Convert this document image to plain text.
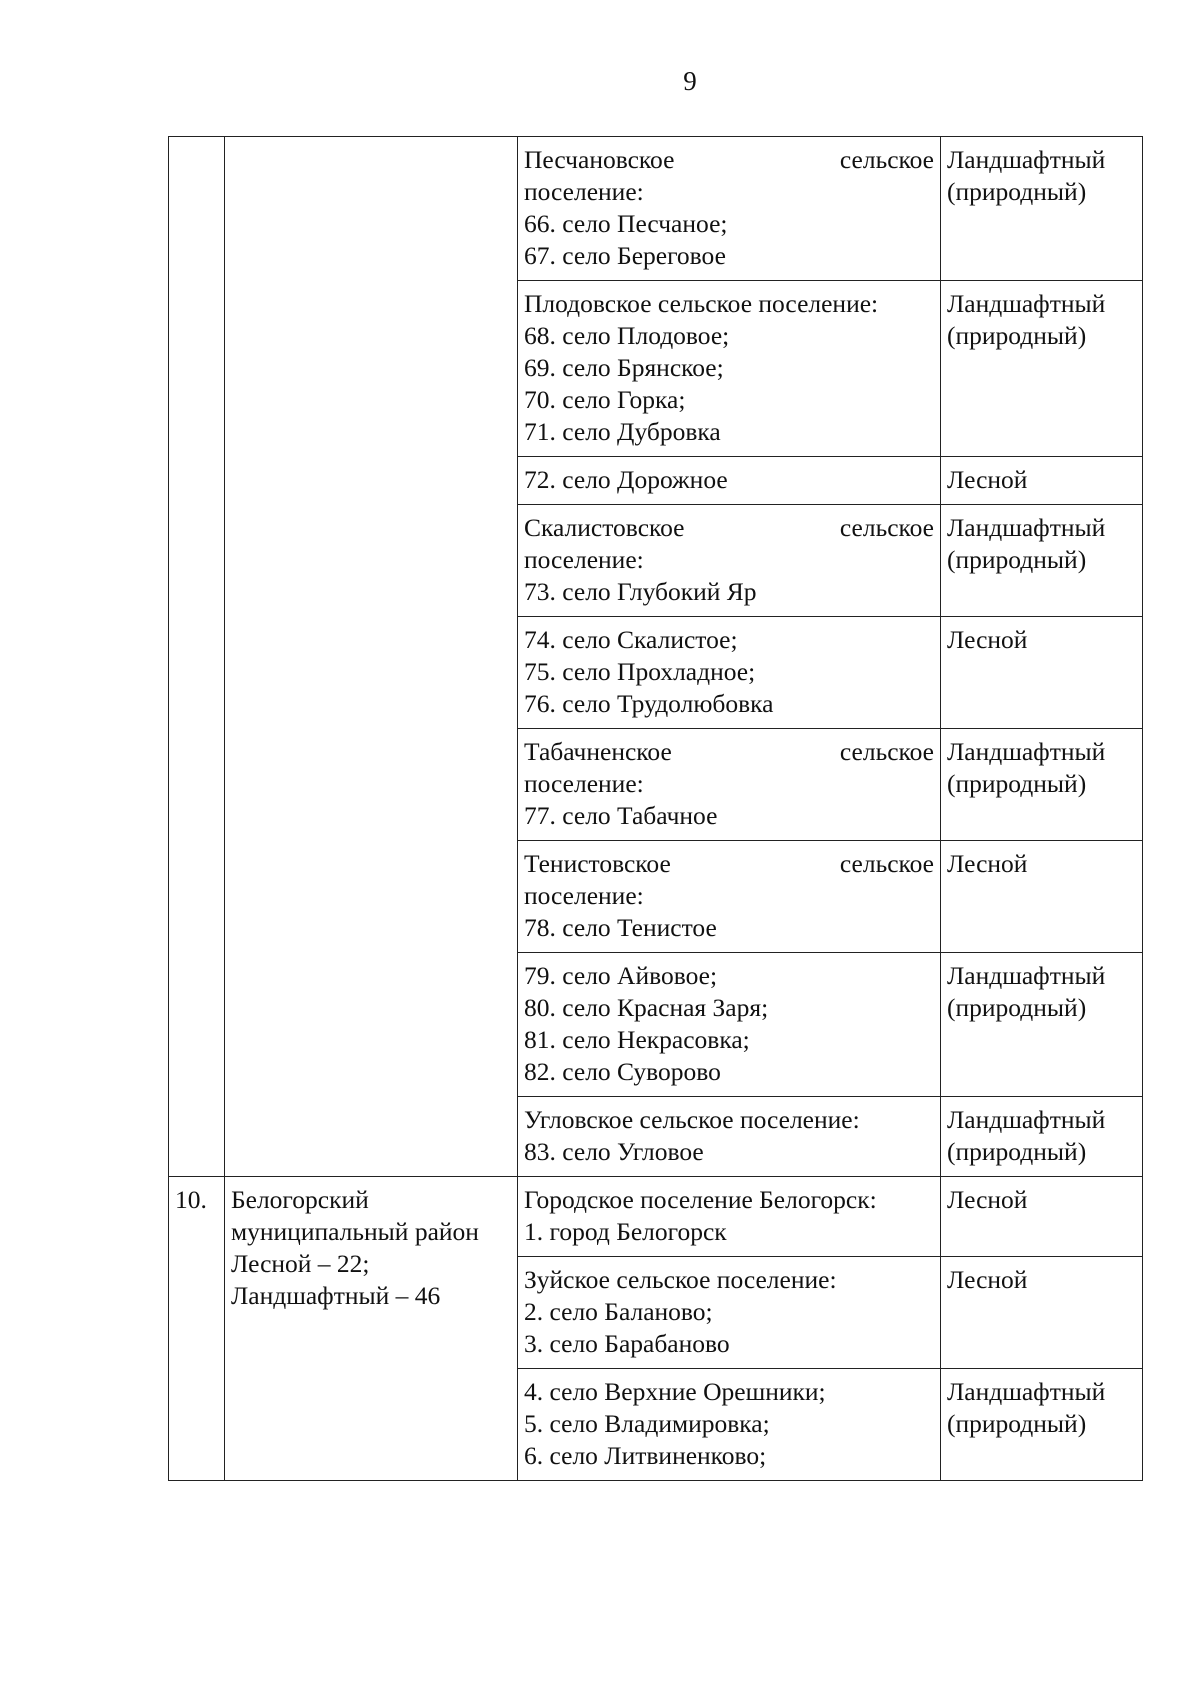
9

		Песчановское сельское
поселение:
66. село Песчаное;
67. село Береговое	Ландшафтный
(природный)

		Плодовское сельское поселение:
68. село Плодовое;
69. село Брянское;
70. село Горка;
71. село Дубровка	Ландшафтный
(природный)

		72. село Дорожное	Лесной

		Скалистовское сельское
поселение:
73. село Глубокий Яр	Ландшафтный
(природный)

		74. село Скалистое;
75. село Прохладное;
76. село Трудолюбовка	Лесной

		Табачненское сельское
поселение:
77. село Табачное	Ландшафтный
(природный)

		Тенистовское сельское
поселение:
78. село Тенистое	Лесной

		79. село Айвовое;
80. село Красная Заря;
81. село Некрасовка;
82. село Суворово	Ландшафтный
(природный)

		Угловское сельское поселение:
83. село Угловое	Ландшафтный
(природный)

10.	Белогорский
муниципальный район
Лесной – 22;
Ландшафтный – 46	Городское поселение Белогорск:
1. город Белогорск	Лесной

		Зуйское сельское поселение:
2. село Баланово;
3. село Барабаново	Лесной

		4. село Верхние Орешники;
5. село Владимировка;
6. село Литвиненково;	Ландшафтный
(природный)
